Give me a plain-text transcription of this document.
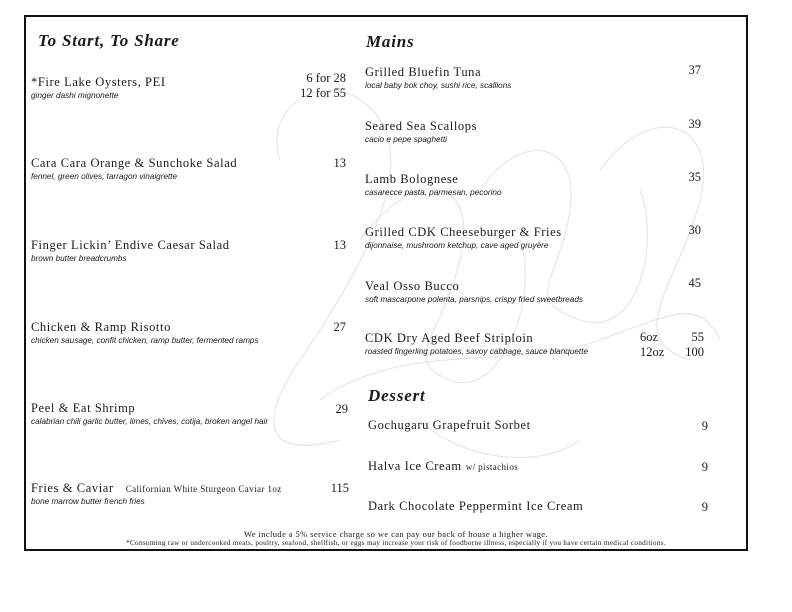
To Start, To Share
*Fire Lake Oysters, PEI
ginger dashi mignonette
6 for 28
12 for 55
Cara Cara Orange & Sunchoke Salad
fennel, green olives, tarragon vinaigrette
13
Finger Lickin’ Endive Caesar Salad
brown butter breadcrumbs
13
Chicken & Ramp Risotto
chicken sausage, confit chicken, ramp butter, fermented ramps
27
Peel & Eat Shrimp
calabrian chili garlic butter, limes, chives, cotija, broken angel hair
29
Fries & Caviar Californian White Sturgeon Caviar 1oz
bone marrow butter french fries
115
Mains
Grilled Bluefin Tuna
local baby bok choy, sushi rice, scallions
37
Seared Sea Scallops
cacio e pepe spaghetti
39
Lamb Bolognese
casarecce pasta, parmesan, pecorino
35
Grilled CDK Cheeseburger & Fries
dijonnaise, mushroom ketchup, cave aged gruyère
30
Veal Osso Bucco
soft mascarpone polenta, parsnips, crispy fried sweetbreads
45
CDK Dry Aged Beef Striploin
roasted fingerling potatoes, savoy cabbage, sauce blanquette
6oz	55
12oz 100
Dessert
Gochugaru Grapefruit Sorbet	9
Halva Ice Cream w/ pistachios	9
Dark Chocolate Peppermint Ice Cream	9
We include a 5% service charge so we can pay our back of house a higher wage.
*Consuming raw or undercooked meats, poultry, seafood, shellfish, or eggs may increase your risk of foodborne illness, especially if you have certain medical conditions.
